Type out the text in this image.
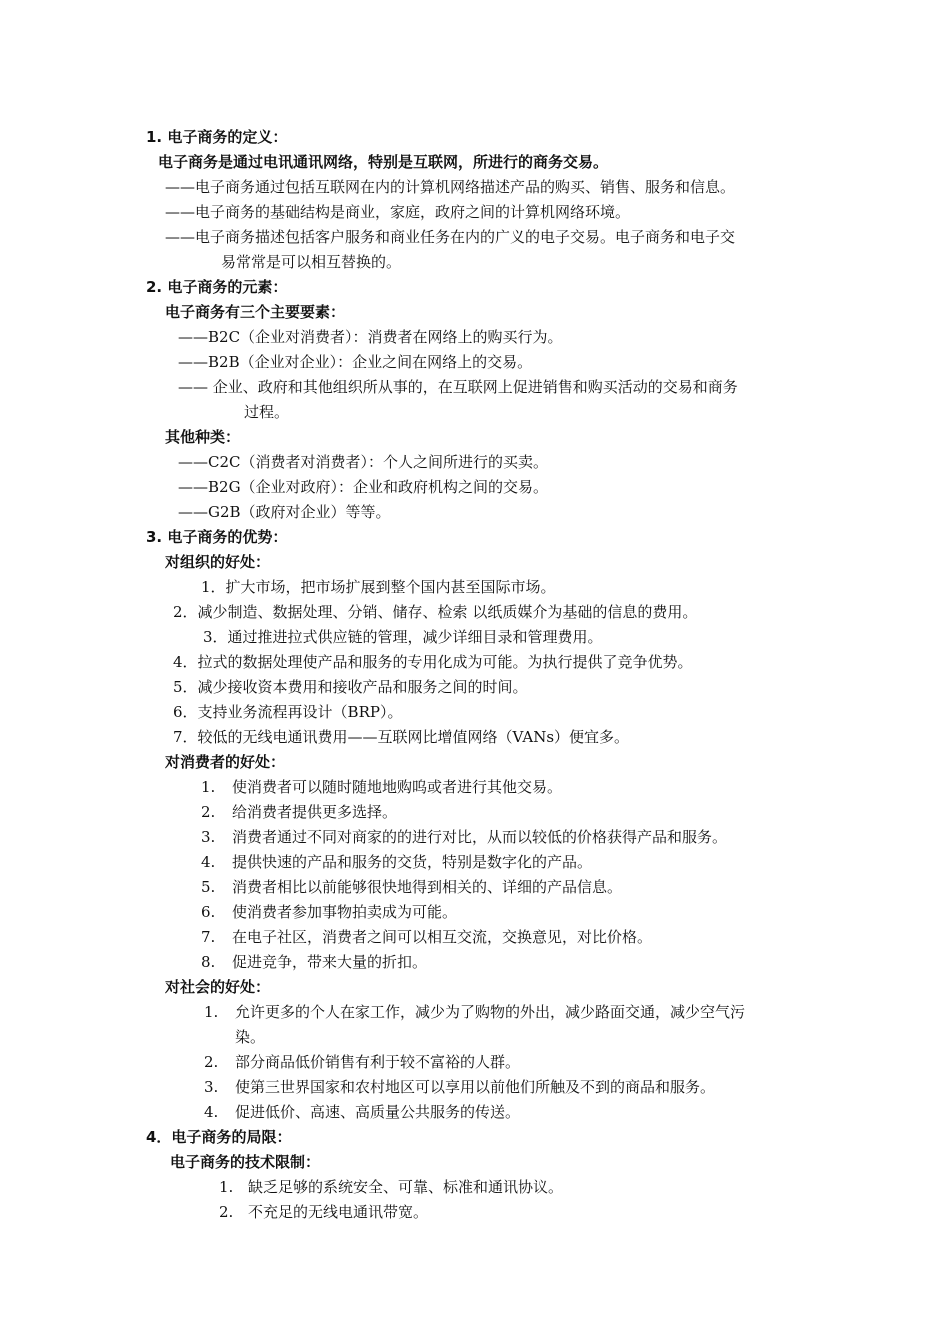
1. 电子商务的定义：
电子商务是通过电讯通讯网络，特别是互联网，所进行的商务交易。
——电子商务通过包括互联网在内的计算机网络描述产品的购买、销售、服务和信息。
——电子商务的基础结构是商业，家庭，政府之间的计算机网络环境。
——电子商务描述包括客户服务和商业任务在内的广义的电子交易。电子商务和电子交
易常常是可以相互替换的。
2. 电子商务的元素：
电子商务有三个主要要素：
——B2C（企业对消费者）：消费者在网络上的购买行为。
——B2B（企业对企业）：企业之间在网络上的交易。
—— 企业、政府和其他组织所从事的，在互联网上促进销售和购买活动的交易和商务
过程。
其他种类：
——C2C（消费者对消费者）：个人之间所进行的买卖。
——B2G（企业对政府）：企业和政府机构之间的交易。
——G2B（政府对企业）等等。
3. 电子商务的优势：
对组织的好处：
1．扩大市场，把市场扩展到整个国内甚至国际市场。
2．减少制造、数据处理、分销、储存、检索 以纸质媒介为基础的信息的费用。
3．通过推进拉式供应链的管理，减少详细目录和管理费用。
4．拉式的数据处理使产品和服务的专用化成为可能。为执行提供了竞争优势。
5．减少接收资本费用和接收产品和服务之间的时间。
6．支持业务流程再设计（BRP）。
7．较低的无线电通讯费用——互联网比增值网络（VANs）便宜多。
对消费者的好处：
1. 使消费者可以随时随地地购呜或者进行其他交易。
2. 给消费者提供更多选择。
3. 消费者通过不同对商家的的进行对比，从而以较低的价格获得产品和服务。
4. 提供快速的产品和服务的交货，特别是数字化的产品。
5. 消费者相比以前能够很快地得到相关的、详细的产品信息。
6. 使消费者参加事物拍卖成为可能。
7. 在电子社区，消费者之间可以相互交流，交换意见，对比价格。
8. 促进竞争，带来大量的折扣。
对社会的好处：
1. 允许更多的个人在家工作，减少为了购物的外出，减少路面交通，减少空气污
染。
2. 部分商品低价销售有利于较不富裕的人群。
3. 使第三世界国家和农村地区可以享用以前他们所触及不到的商品和服务。
4. 促进低价、高速、高质量公共服务的传送。
4．电子商务的局限：
电子商务的技术限制：
1. 缺乏足够的系统安全、可靠、标准和通讯协议。
2. 不充足的无线电通讯带宽。
